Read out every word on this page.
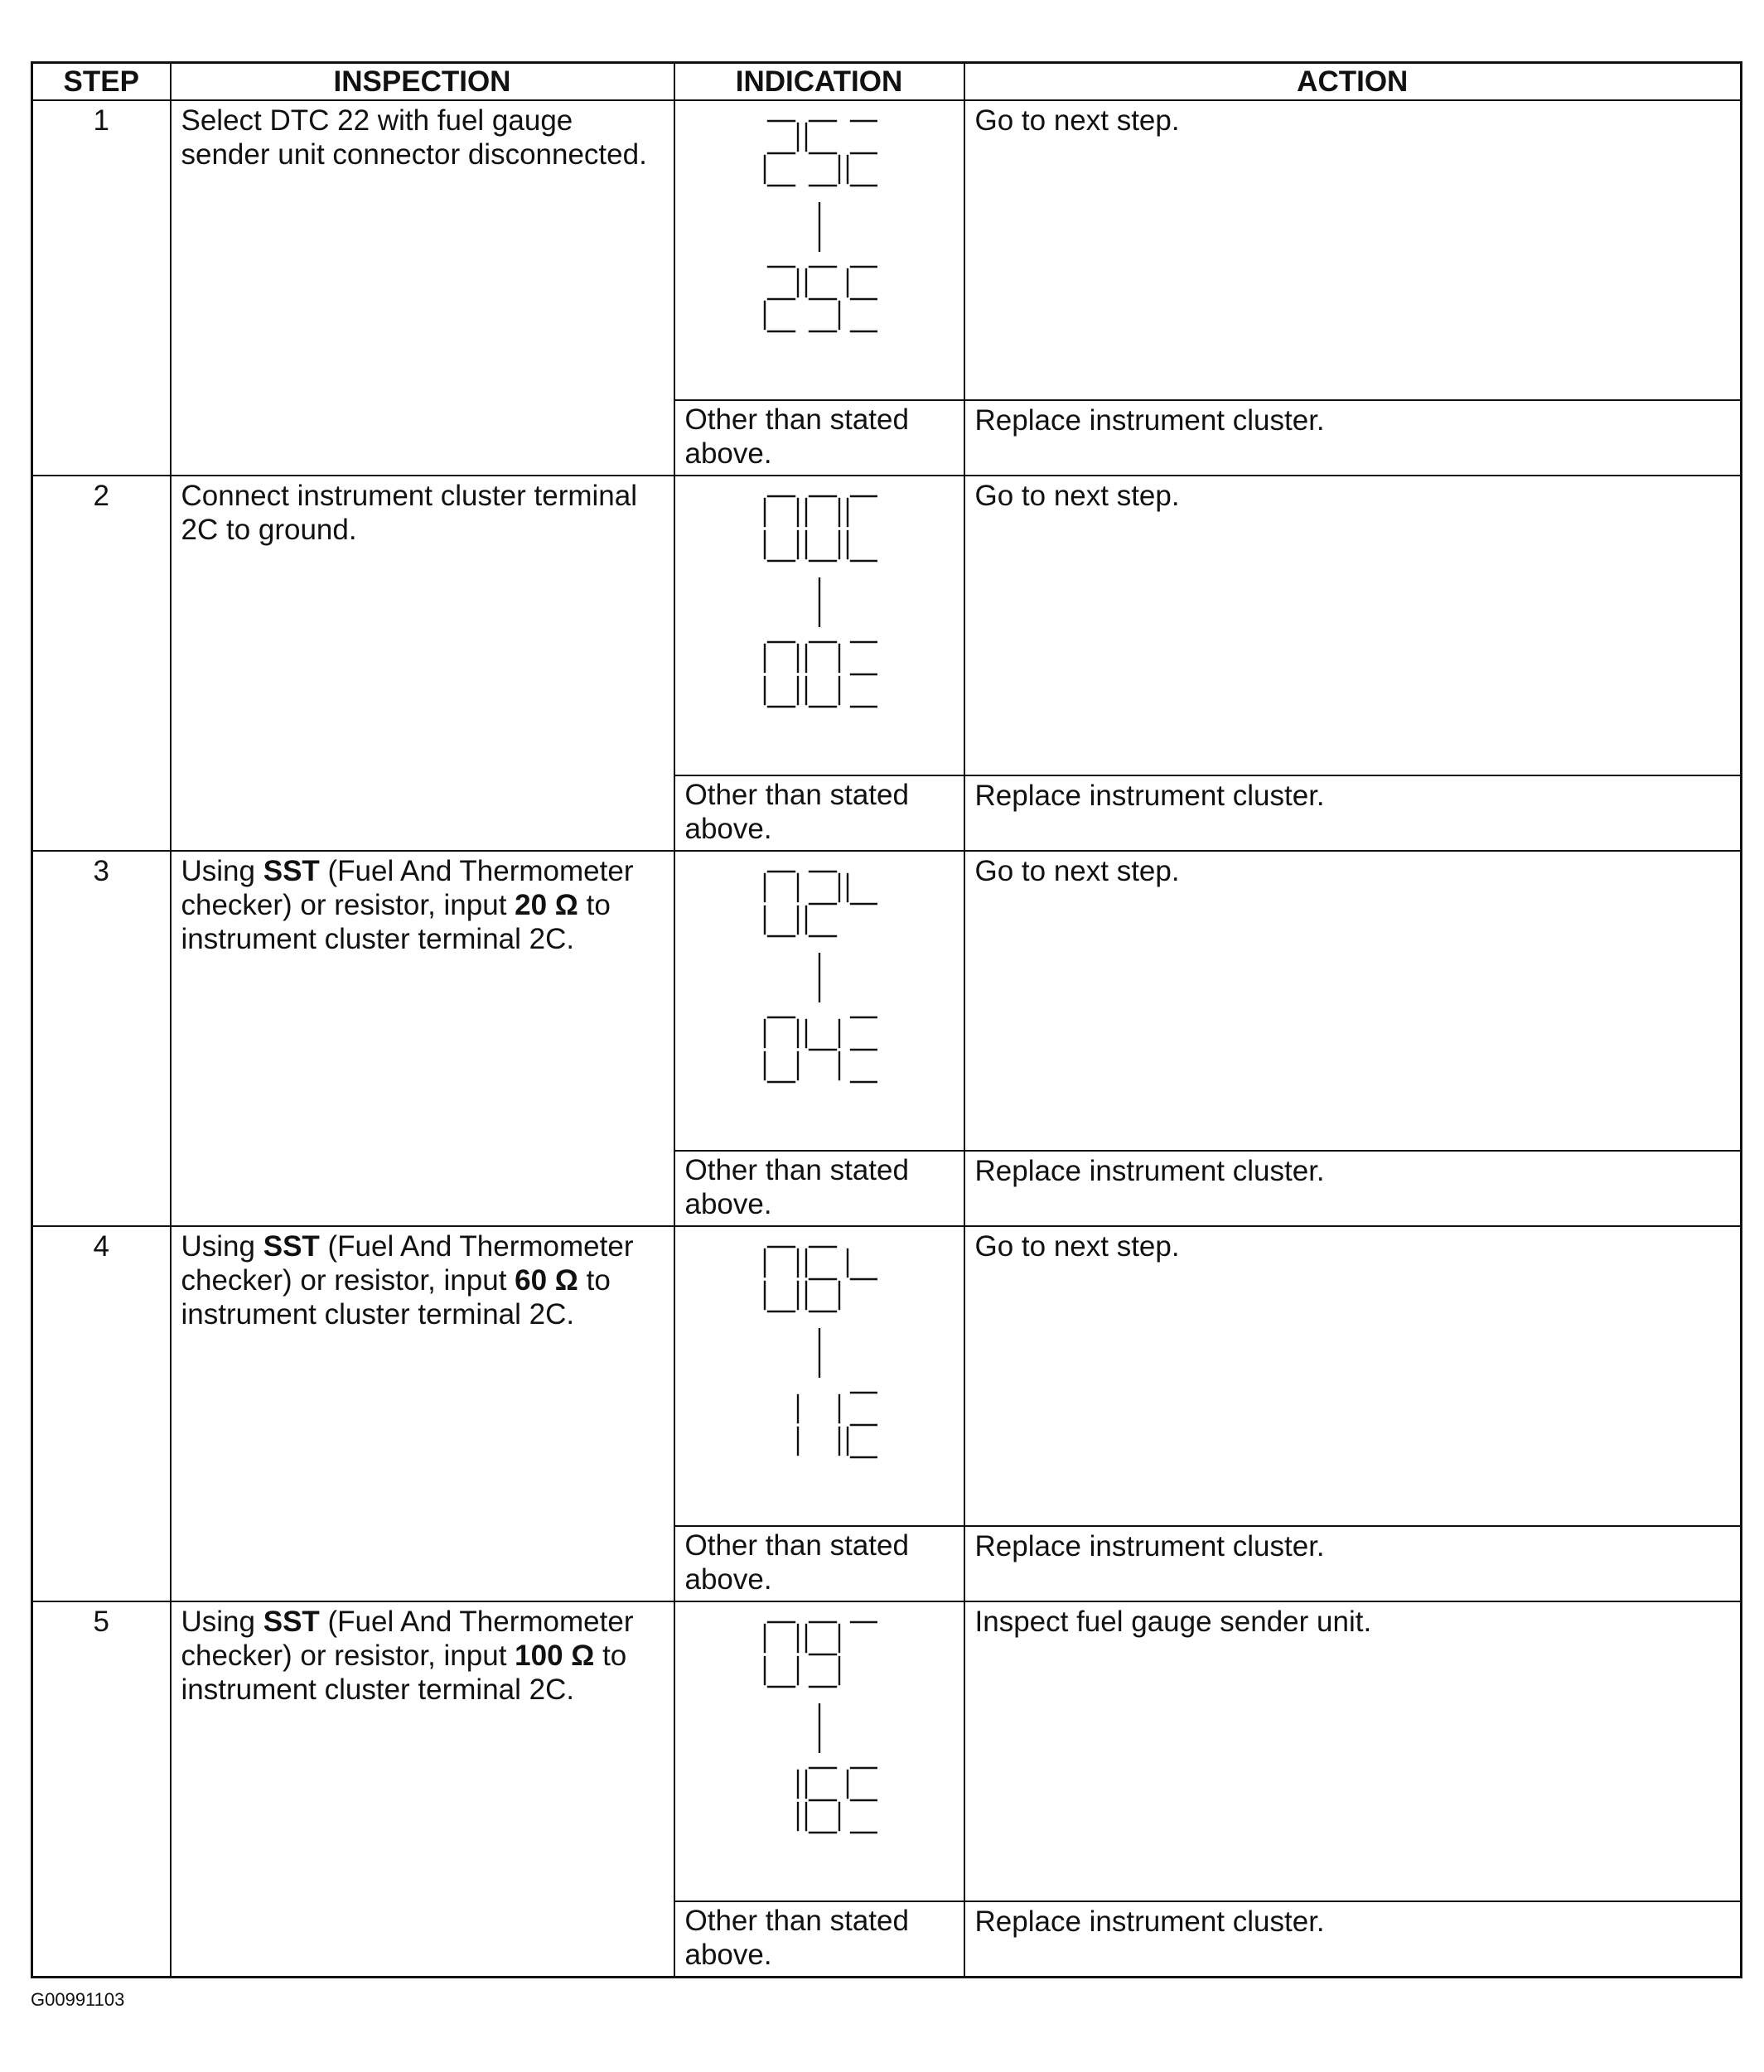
STEP	INSPECTION	INDICATION	ACTION
1	Select DTC 22 with fuel gauge sender unit connector disconnected.		Go to next step.
		Other than stated above.	Replace instrument cluster.
2	Connect instrument cluster terminal 2C to ground.		Go to next step.
		Other than stated above.	Replace instrument cluster.
3	Using SST (Fuel And Thermometer checker) or resistor, input 20 Ω to instrument cluster terminal 2C.		Go to next step.
		Other than stated above.	Replace instrument cluster.
4	Using SST (Fuel And Thermometer checker) or resistor, input 60 Ω to instrument cluster terminal 2C.		Go to next step.
		Other than stated above.	Replace instrument cluster.
5	Using SST (Fuel And Thermometer checker) or resistor, input 100 Ω to instrument cluster terminal 2C.		Inspect fuel gauge sender unit.
		Other than stated above.	Replace instrument cluster.
G00991103
